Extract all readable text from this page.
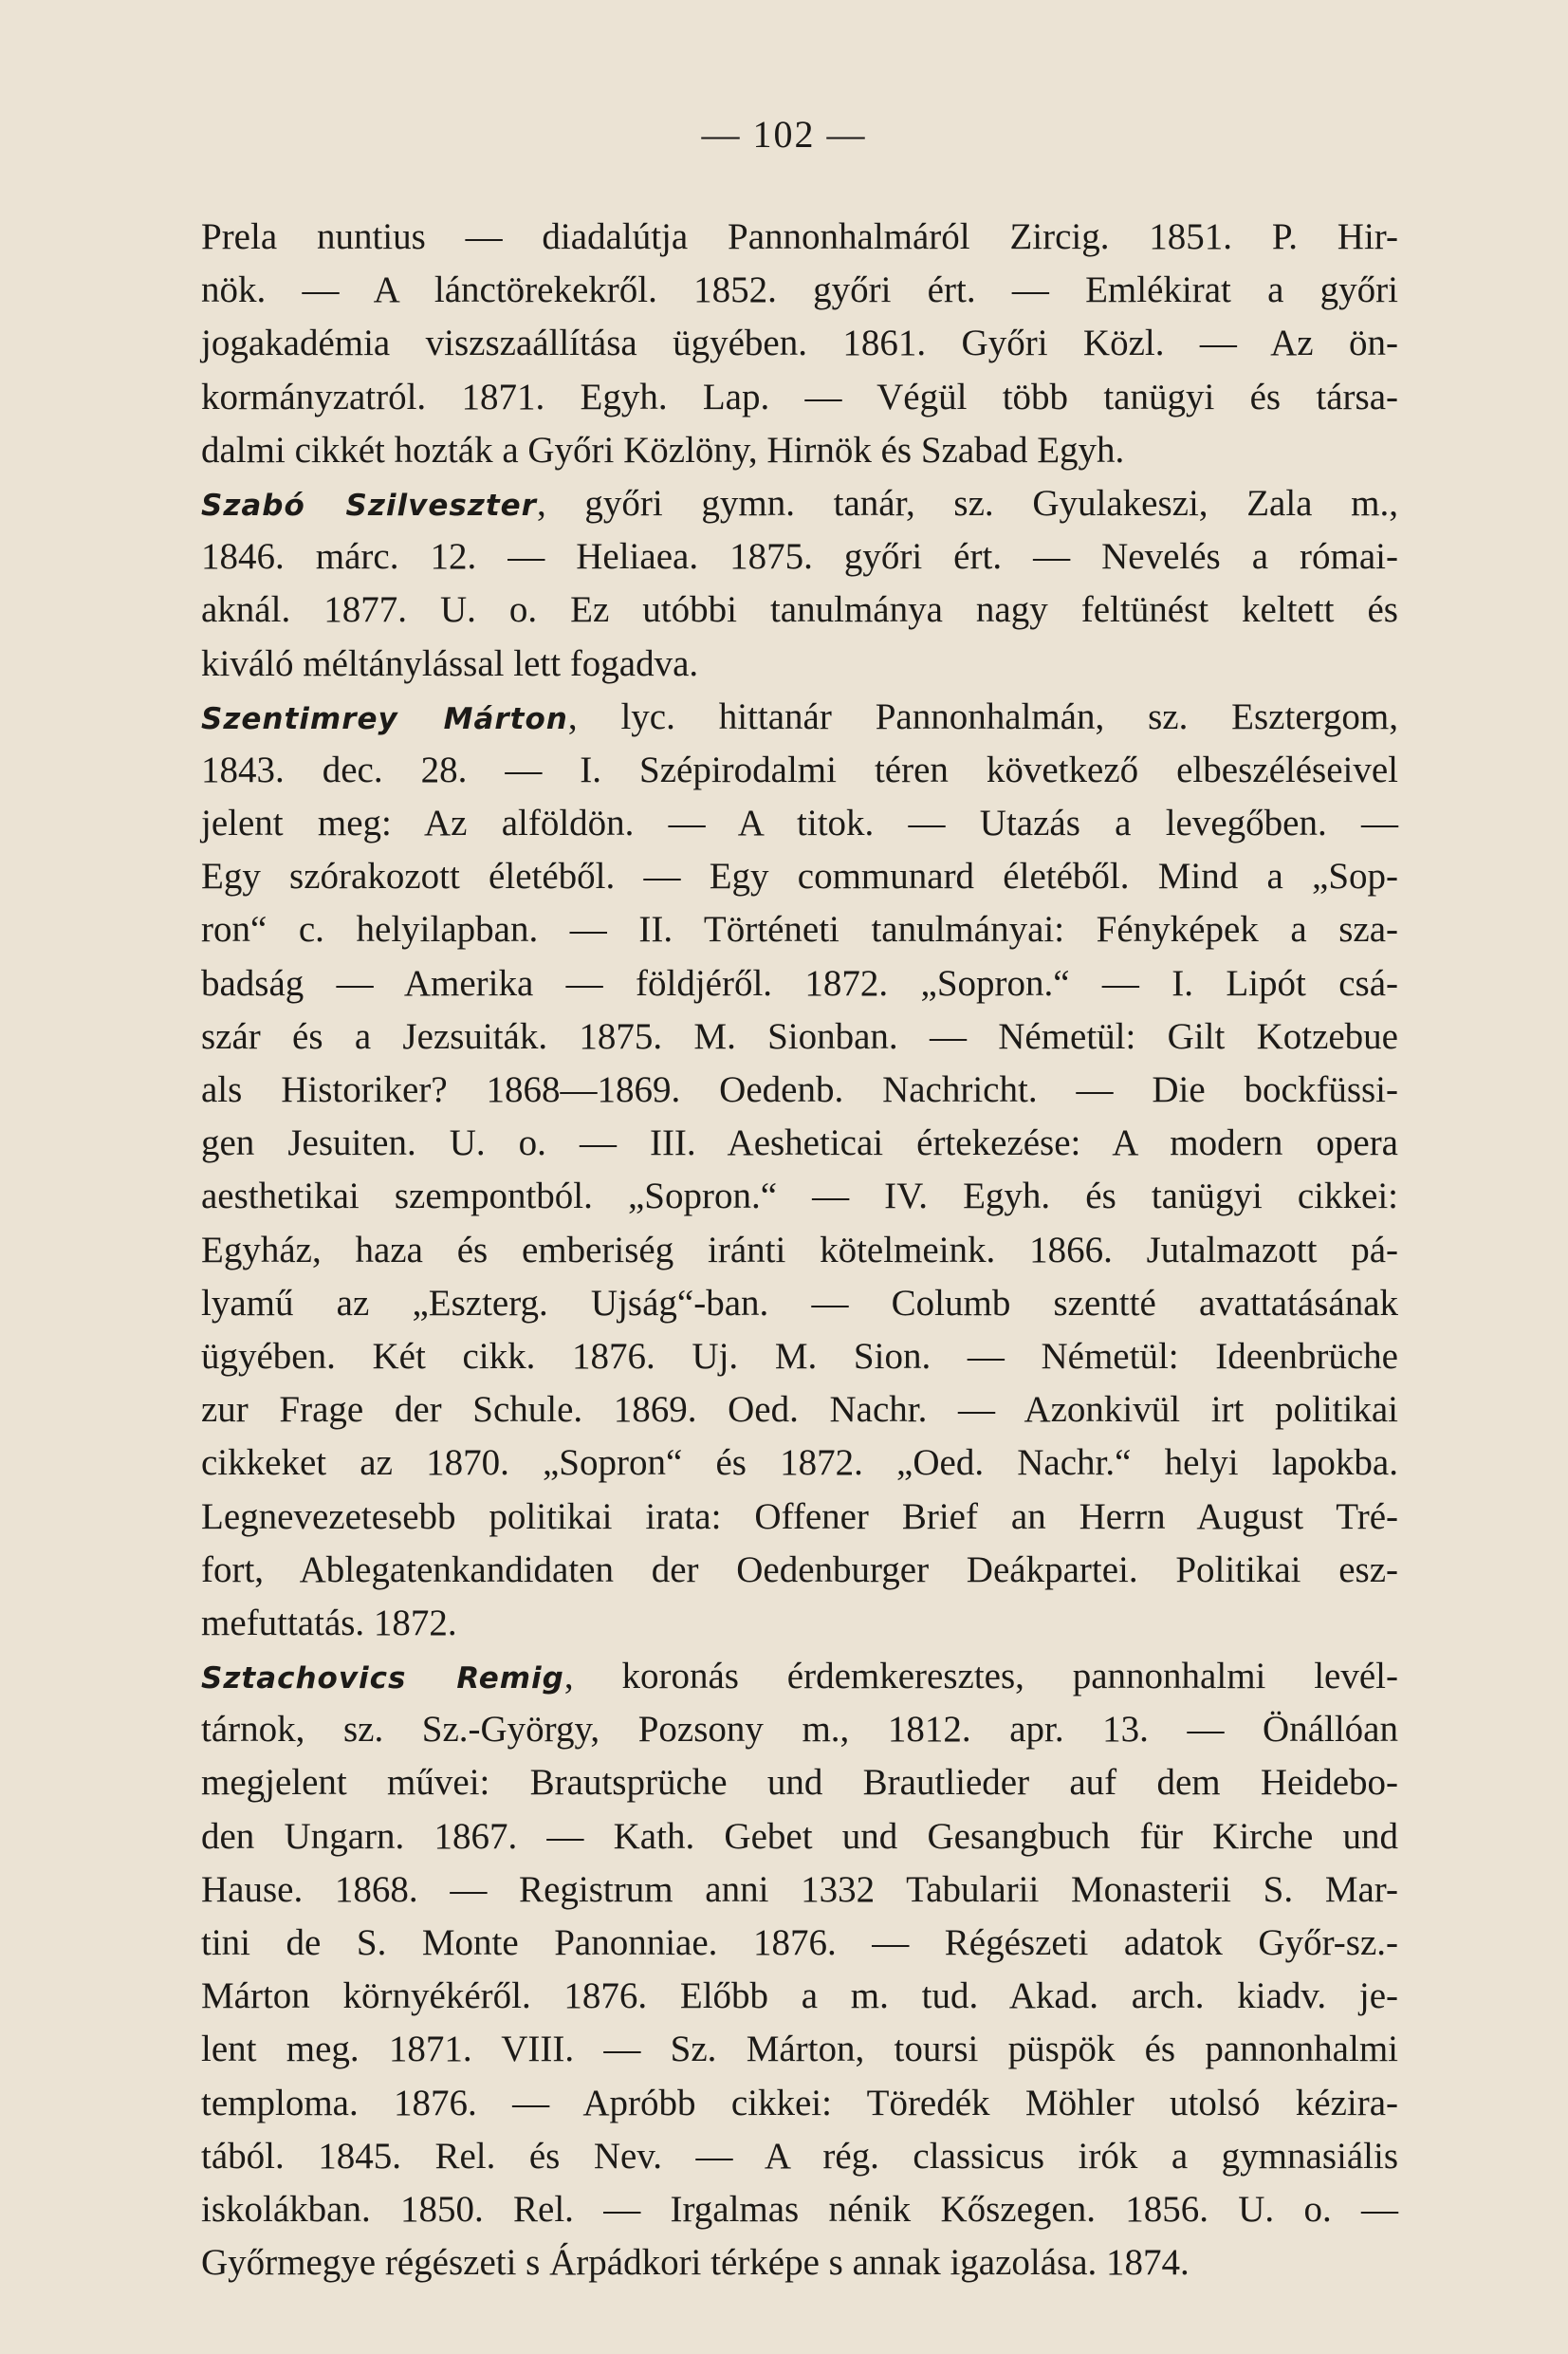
— 102 —
Prela nuntius — diadalútja Pannonhalmáról Zircig. 1851. P. Hir-
nök. — A lánctörekekről. 1852. győri ért. — Emlékirat a győri
jogakadémia viszszaállítása ügyében. 1861. Győri Közl. — Az ön-
kormányzatról. 1871. Egyh. Lap. — Végül több tanügyi és társa-
dalmi cikkét hozták a Győri Közlöny, Hirnök és Szabad Egyh.
Szabó Szilveszter, győri gymn. tanár, sz. Gyulakeszi, Zala m.,
1846. márc. 12. — Heliaea. 1875. győri ért. — Nevelés a római-
aknál. 1877. U. o. Ez utóbbi tanulmánya nagy feltünést keltett és
kiváló méltánylással lett fogadva.
Szentimrey Márton, lyc. hittanár Pannonhalmán, sz. Esztergom,
1843. dec. 28. — I. Szépirodalmi téren következő elbeszéléseivel
jelent meg: Az alföldön. — A titok. — Utazás a levegőben. —
Egy szórakozott életéből. — Egy communard életéből. Mind a „Sop-
ron“ c. helyilapban. — II. Történeti tanulmányai: Fényképek a sza-
badság — Amerika — földjéről. 1872. „Sopron.“ — I. Lipót csá-
szár és a Jezsuiták. 1875. M. Sionban. — Németül: Gilt Kotzebue
als Historiker? 1868—1869. Oedenb. Nachricht. — Die bockfüssi-
gen Jesuiten. U. o. — III. Aesheticai értekezése: A modern opera
aesthetikai szempontból. „Sopron.“ — IV. Egyh. és tanügyi cikkei:
Egyház, haza és emberiség iránti kötelmeink. 1866. Jutalmazott pá-
lyamű az „Eszterg. Ujság“-ban. — Columb szentté avattatásának
ügyében. Két cikk. 1876. Uj. M. Sion. — Németül: Ideenbrüche
zur Frage der Schule. 1869. Oed. Nachr. — Azonkivül irt politikai
cikkeket az 1870. „Sopron“ és 1872. „Oed. Nachr.“ helyi lapokba.
Legnevezetesebb politikai irata: Offener Brief an Herrn August Tré-
fort, Ablegatenkandidaten der Oedenburger Deákpartei. Politikai esz-
mefuttatás. 1872.
Sztachovics Remig, koronás érdemkeresztes, pannonhalmi levél-
tárnok, sz. Sz.-György, Pozsony m., 1812. apr. 13. — Önállóan
megjelent művei: Brautsprüche und Brautlieder auf dem Heidebo-
den Ungarn. 1867. — Kath. Gebet und Gesangbuch für Kirche und
Hause. 1868. — Registrum anni 1332 Tabularii Monasterii S. Mar-
tini de S. Monte Panonniae. 1876. — Régészeti adatok Győr-sz.-
Márton környékéről. 1876. Előbb a m. tud. Akad. arch. kiadv. je-
lent meg. 1871. VIII. — Sz. Márton, toursi püspök és pannonhalmi
temploma. 1876. — Apróbb cikkei: Töredék Möhler utolsó kézira-
tából. 1845. Rel. és Nev. — A rég. classicus irók a gymnasiális
iskolákban. 1850. Rel. — Irgalmas nénik Kőszegen. 1856. U. o. —
Győrmegye régészeti s Árpádkori térképe s annak igazolása. 1874.
